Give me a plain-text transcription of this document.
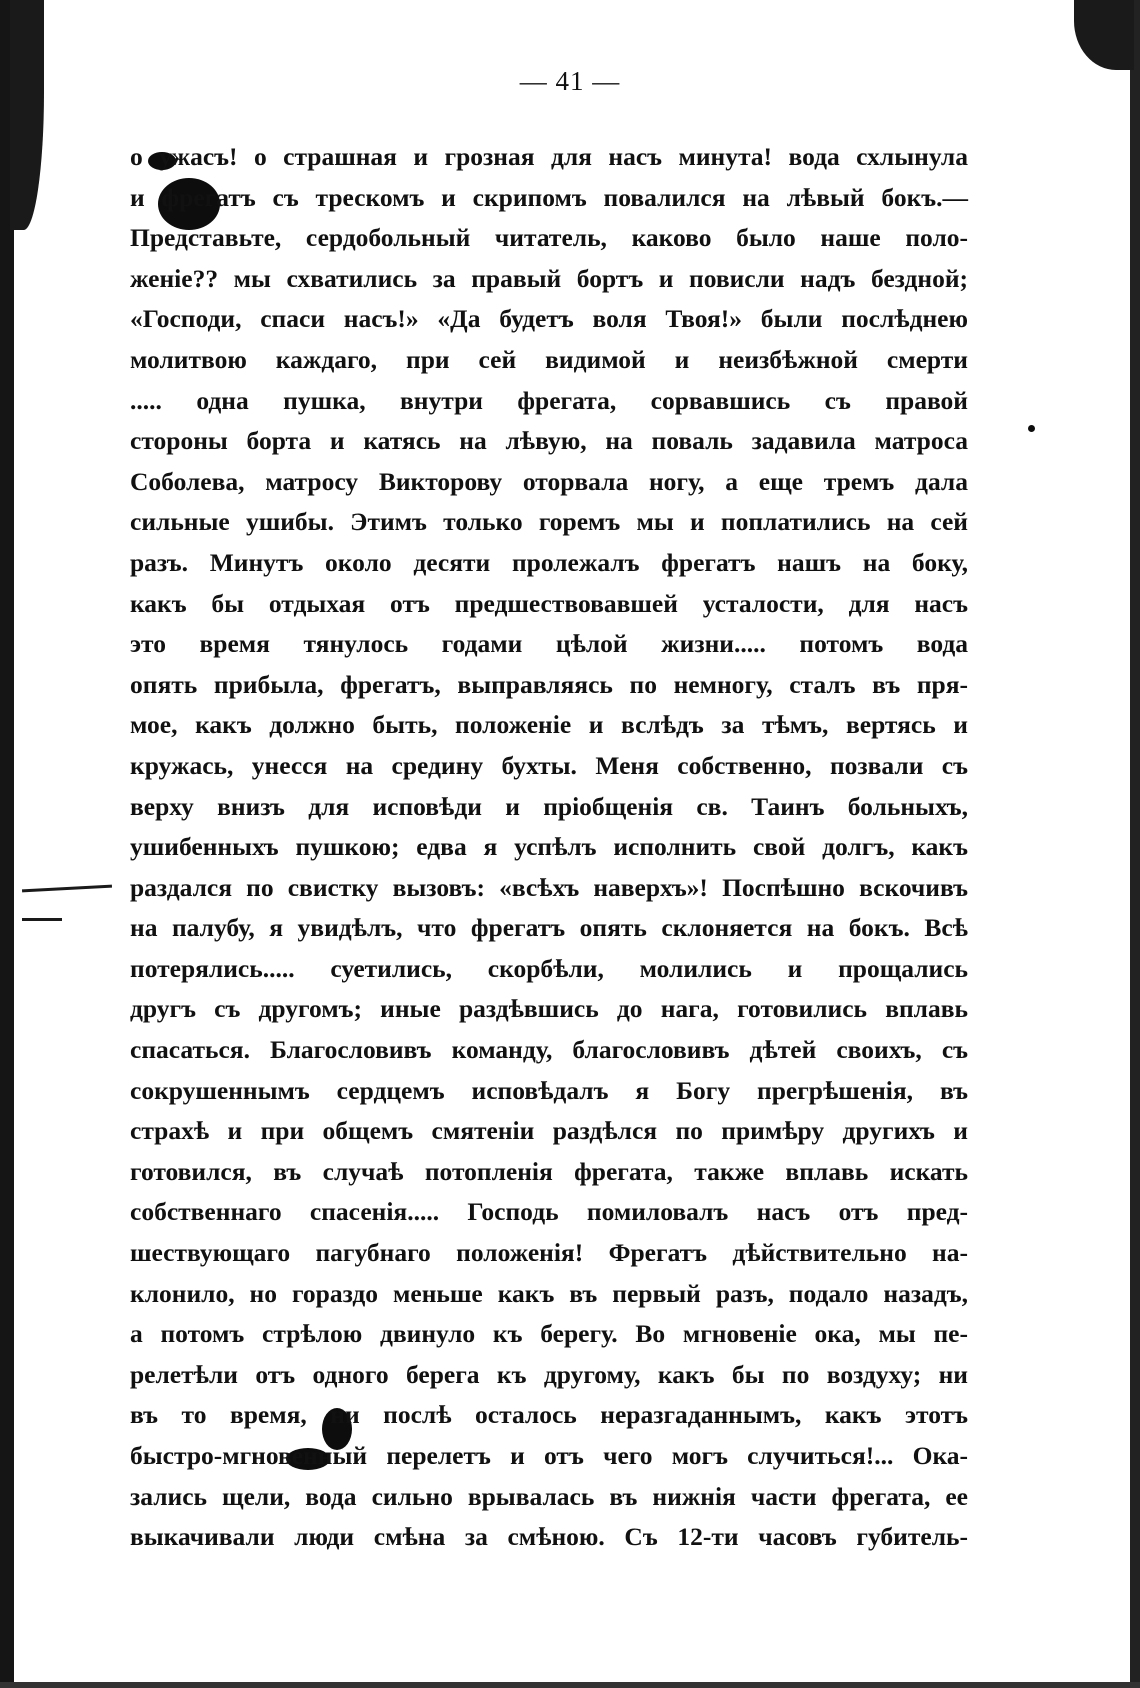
— 41 —
о ужасъ! о страшная и грозная для насъ минута! вода схлынула
и фрегатъ съ трескомъ и скрипомъ повалился на лѣвый бокъ.—
Представьте, сердобольный читатель, каково было наше поло-
женіе?? мы схватились за правый бортъ и повисли надъ бездной;
«Господи, спаси насъ!» «Да будетъ воля Твоя!» были послѣднею
молитвою каждаго, при сей видимой и неизбѣжной смерти
..... одна пушка, внутри фрегата, сорвавшись съ правой
стороны борта и катясь на лѣвую, на поваль задавила матроса
Соболева, матросу Викторову оторвала ногу, а еще тремъ дала
сильные ушибы. Этимъ только горемъ мы и поплатились на сей
разъ. Минутъ около десяти пролежалъ фрегатъ нашъ на боку,
какъ бы отдыхая отъ предшествовавшей усталости, для насъ
это время тянулось годами цѣлой жизни..... потомъ вода
опять прибыла, фрегатъ, выправляясь по немногу, сталъ въ пря-
мое, какъ должно быть, положеніе и вслѣдъ за тѣмъ, вертясь и
кружась, унесся на средину бухты. Меня собственно, позвали съ
верху внизъ для исповѣди и пріобщенія св. Таинъ больныхъ,
ушибенныхъ пушкою; едва я успѣлъ исполнить свой долгъ, какъ
раздался по свистку вызовъ: «всѣхъ наверхъ»! Поспѣшно вскочивъ
на палубу, я увидѣлъ, что фрегатъ опять склоняется на бокъ. Всѣ
потерялись..... суетились, скорбѣли, молились и прощались
другъ съ другомъ; иные раздѣвшись до нага, готовились вплавь
спасаться. Благословивъ команду, благословивъ дѣтей своихъ, съ
сокрушеннымъ сердцемъ исповѣдалъ я Богу прегрѣшенія, въ
страхѣ и при общемъ смятеніи раздѣлся по примѣру другихъ и
готовился, въ случаѣ потопленія фрегата, также вплавь искать
собственнаго спасенія..... Господь помиловалъ насъ отъ пред-
шествующаго пагубнаго положенія! Фрегатъ дѣйствительно на-
клонило, но гораздо меньше какъ въ первый разъ, подало назадъ,
а потомъ стрѣлою двинуло къ берегу. Во мгновеніе ока, мы пе-
релетѣли отъ одного берега къ другому, какъ бы по воздуху; ни
въ то время, ни послѣ осталось неразгаданнымъ, какъ этотъ
быстро-мгновенный перелетъ и отъ чего могъ случиться!... Ока-
зались щели, вода сильно врывалась въ нижнія части фрегата, ее
выкачивали люди смѣна за смѣною. Съ 12-ти часовъ губитель-
